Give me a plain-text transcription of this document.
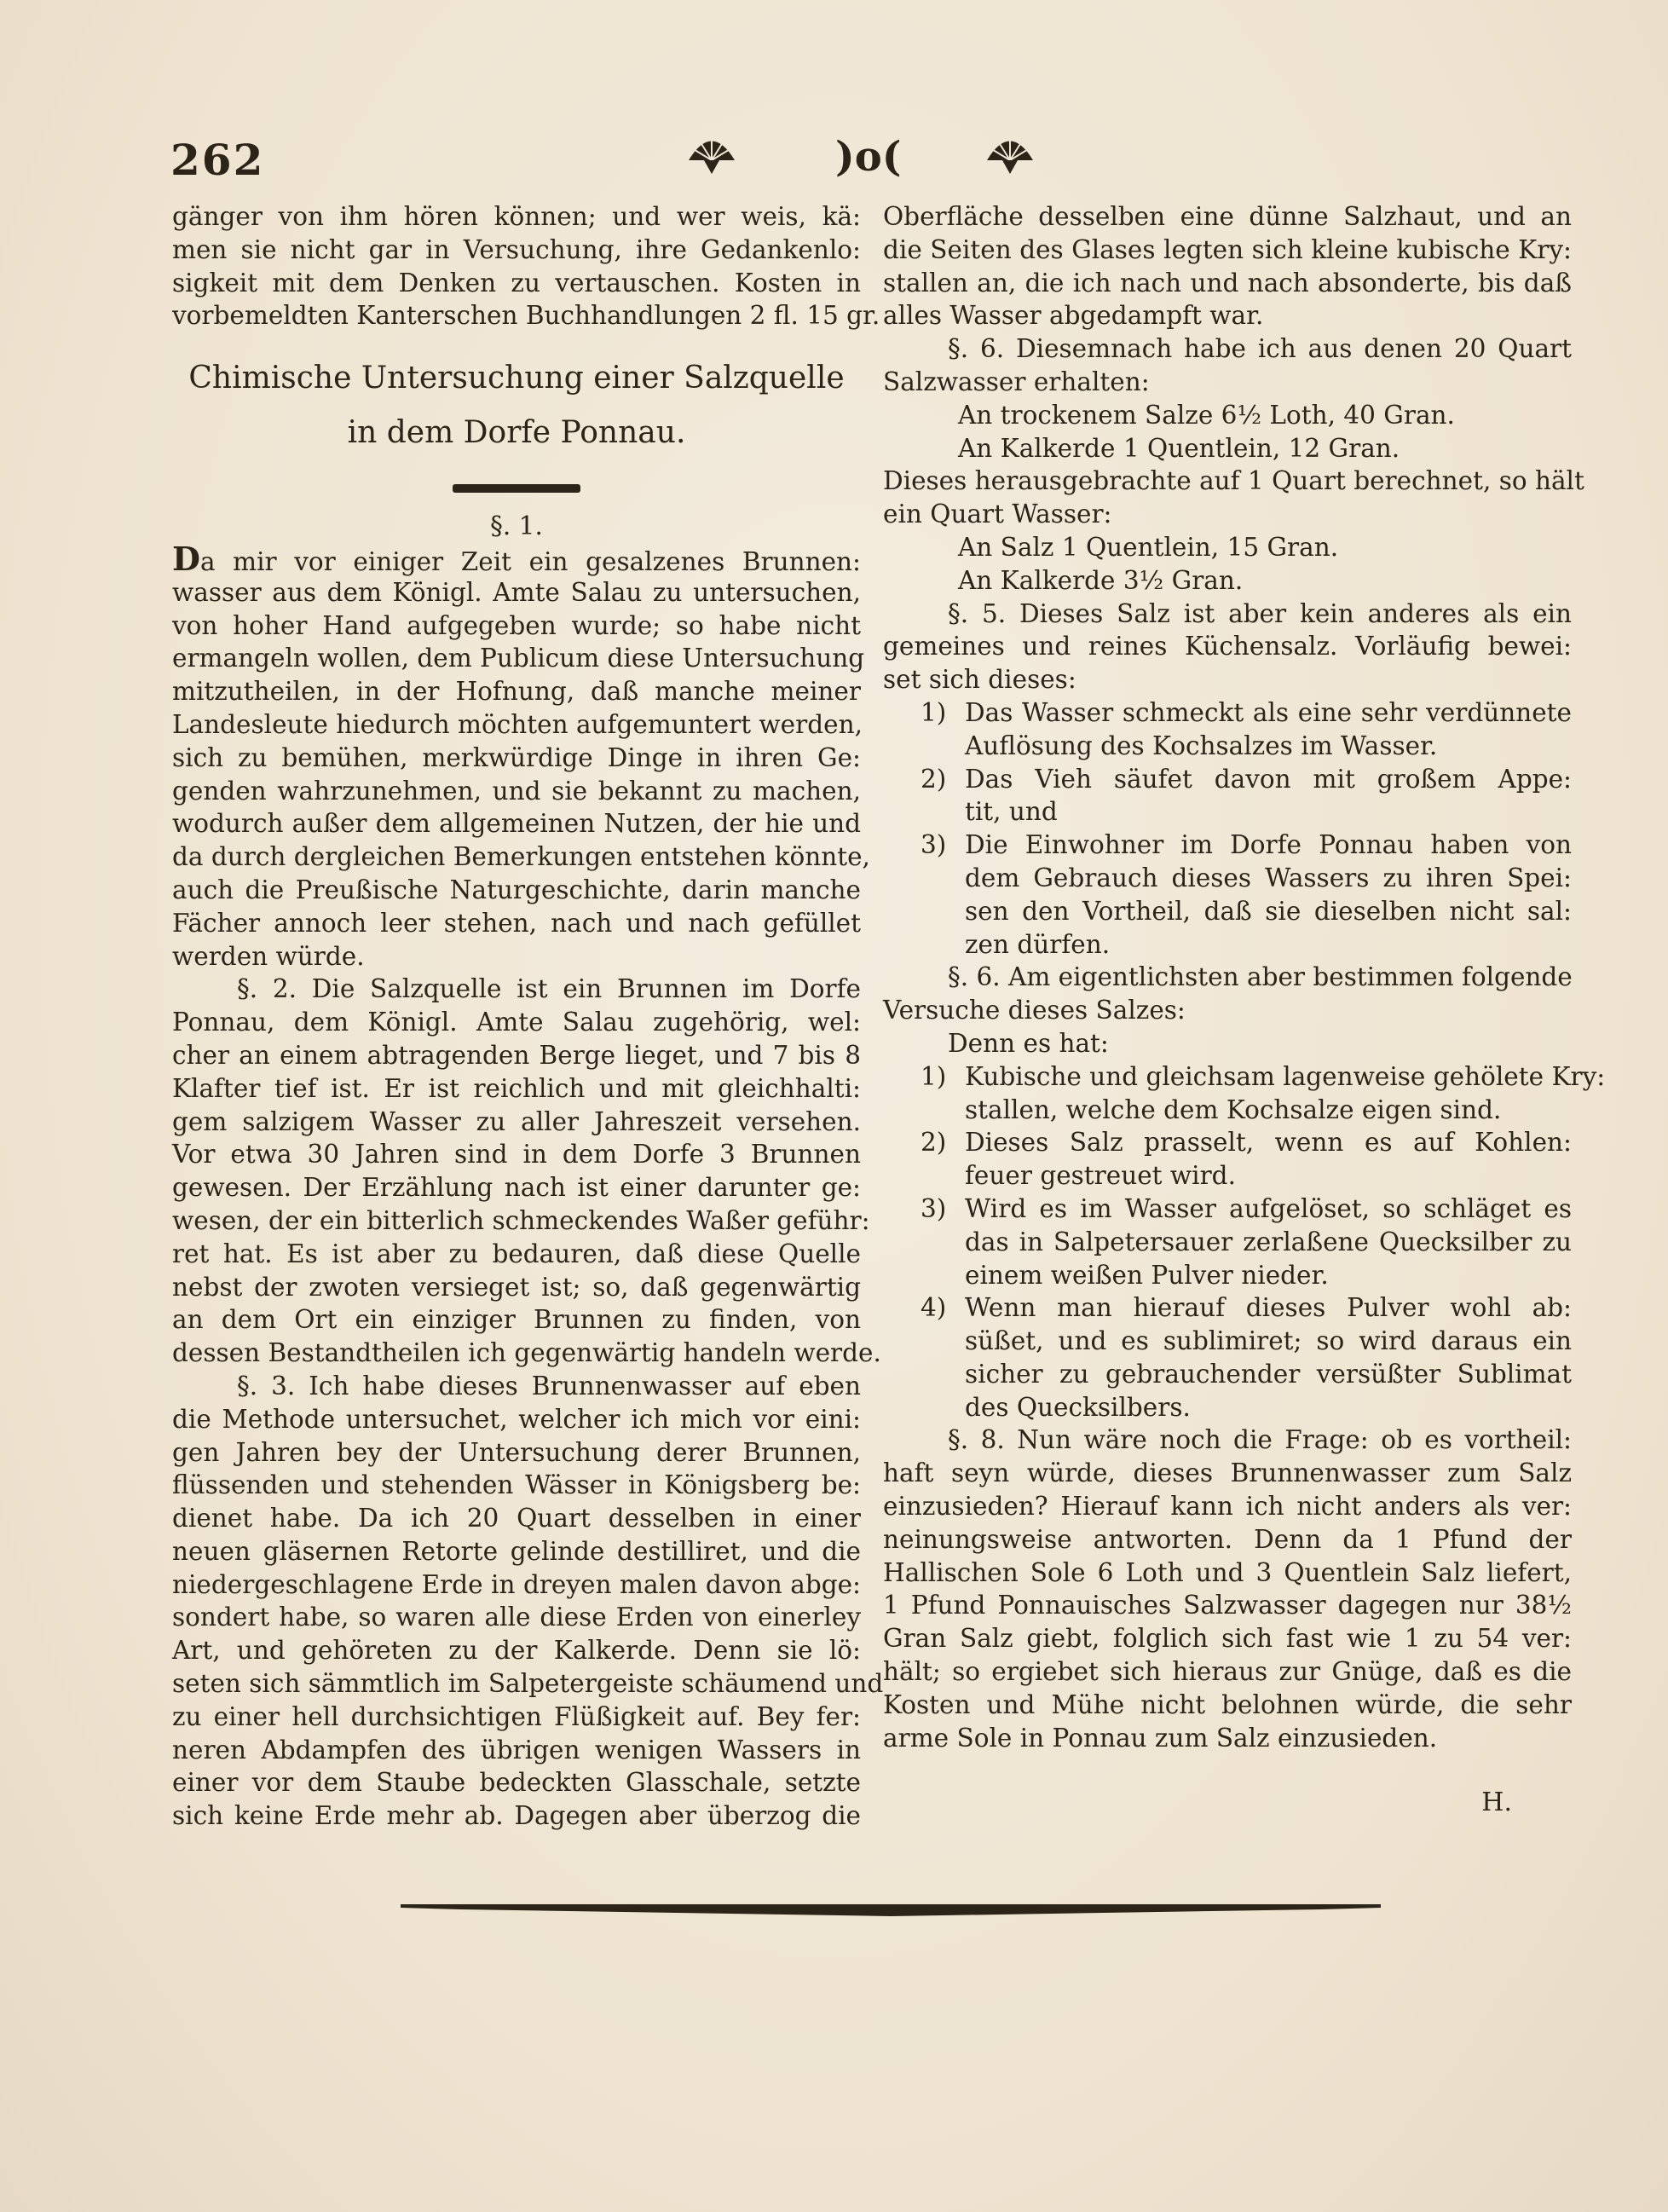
262	)o(
gänger von ihm hören können; und wer weis, kä:
men sie nicht gar in Versuchung, ihre Gedankenlo:
sigkeit mit dem Denken zu vertauschen. Kosten in
vorbemeldten Kanterschen Buchhandlungen 2 fl. 15 gr.
Chimische Untersuchung einer Salzquelle
in dem Dorfe Ponnau.
§. 1.
Da mir vor einiger Zeit ein gesalzenes Brunnen:
wasser aus dem Königl. Amte Salau zu untersuchen,
von hoher Hand aufgegeben wurde; so habe nicht
ermangeln wollen, dem Publicum diese Untersuchung
mitzutheilen, in der Hofnung, daß manche meiner
Landesleute hiedurch möchten aufgemuntert werden,
sich zu bemühen, merkwürdige Dinge in ihren Ge:
genden wahrzunehmen, und sie bekannt zu machen,
wodurch außer dem allgemeinen Nutzen, der hie und
da durch dergleichen Bemerkungen entstehen könnte,
auch die Preußische Naturgeschichte, darin manche
Fächer annoch leer stehen, nach und nach gefüllet
werden würde.
§. 2. Die Salzquelle ist ein Brunnen im Dorfe
Ponnau, dem Königl. Amte Salau zugehörig, wel:
cher an einem abtragenden Berge lieget, und 7 bis 8
Klafter tief ist. Er ist reichlich und mit gleichhalti:
gem salzigem Wasser zu aller Jahreszeit versehen.
Vor etwa 30 Jahren sind in dem Dorfe 3 Brunnen
gewesen. Der Erzählung nach ist einer darunter ge:
wesen, der ein bitterlich schmeckendes Waßer geführ:
ret hat. Es ist aber zu bedauren, daß diese Quelle
nebst der zwoten versieget ist; so, daß gegenwärtig
an dem Ort ein einziger Brunnen zu finden, von
dessen Bestandtheilen ich gegenwärtig handeln werde.
§. 3. Ich habe dieses Brunnenwasser auf eben
die Methode untersuchet, welcher ich mich vor eini:
gen Jahren bey der Untersuchung derer Brunnen,
flüssenden und stehenden Wässer in Königsberg be:
dienet habe. Da ich 20 Quart desselben in einer
neuen gläsernen Retorte gelinde destilliret, und die
niedergeschlagene Erde in dreyen malen davon abge:
sondert habe, so waren alle diese Erden von einerley
Art, und gehöreten zu der Kalkerde. Denn sie lö:
seten sich sämmtlich im Salpetergeiste schäumend und
zu einer hell durchsichtigen Flüßigkeit auf. Bey fer:
neren Abdampfen des übrigen wenigen Wassers in
einer vor dem Staube bedeckten Glasschale, setzte
sich keine Erde mehr ab. Dagegen aber überzog die
Oberfläche desselben eine dünne Salzhaut, und an
die Seiten des Glases legten sich kleine kubische Kry:
stallen an, die ich nach und nach absonderte, bis daß
alles Wasser abgedampft war.
§. 6. Diesemnach habe ich aus denen 20 Quart
Salzwasser erhalten:
An trockenem Salze 6½ Loth, 40 Gran.
An Kalkerde 1 Quentlein, 12 Gran.
Dieses herausgebrachte auf 1 Quart berechnet, so hält
ein Quart Wasser:
An Salz 1 Quentlein, 15 Gran.
An Kalkerde 3½ Gran.
§. 5. Dieses Salz ist aber kein anderes als ein
gemeines und reines Küchensalz. Vorläufig bewei:
set sich dieses:
1) Das Wasser schmeckt als eine sehr verdünnete
Auflösung des Kochsalzes im Wasser.
2) Das Vieh säufet davon mit großem Appe:
tit, und
3) Die Einwohner im Dorfe Ponnau haben von
dem Gebrauch dieses Wassers zu ihren Spei:
sen den Vortheil, daß sie dieselben nicht sal:
zen dürfen.
§. 6. Am eigentlichsten aber bestimmen folgende
Versuche dieses Salzes:
Denn es hat:
1) Kubische und gleichsam lagenweise gehölete Kry:
stallen, welche dem Kochsalze eigen sind.
2) Dieses Salz prasselt, wenn es auf Kohlen:
feuer gestreuet wird.
3) Wird es im Wasser aufgelöset, so schläget es
das in Salpetersauer zerlaßene Quecksilber zu
einem weißen Pulver nieder.
4) Wenn man hierauf dieses Pulver wohl ab:
süßet, und es sublimiret; so wird daraus ein
sicher zu gebrauchender versüßter Sublimat
des Quecksilbers.
§. 8. Nun wäre noch die Frage: ob es vortheil:
haft seyn würde, dieses Brunnenwasser zum Salz
einzusieden? Hierauf kann ich nicht anders als ver:
neinungsweise antworten. Denn da 1 Pfund der
Hallischen Sole 6 Loth und 3 Quentlein Salz liefert,
1 Pfund Ponnauisches Salzwasser dagegen nur 38½
Gran Salz giebt, folglich sich fast wie 1 zu 54 ver:
hält; so ergiebet sich hieraus zur Gnüge, daß es die
Kosten und Mühe nicht belohnen würde, die sehr
arme Sole in Ponnau zum Salz einzusieden.
H.
